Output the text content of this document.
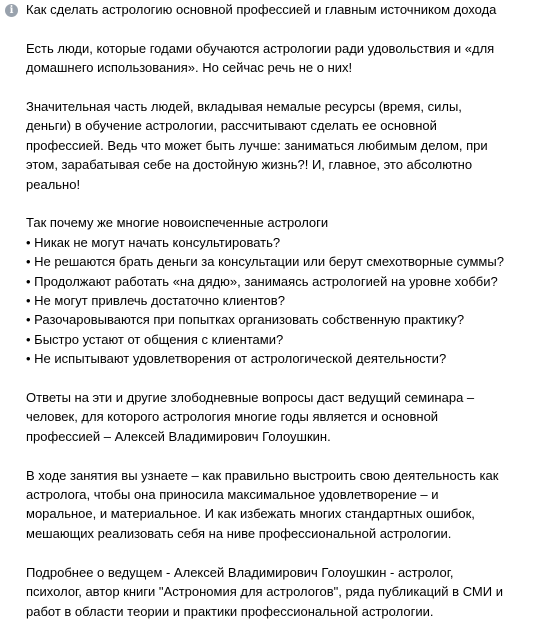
i Как сделать астрологию основной профессией и главным источником дохода

Есть люди, которые годами обучаются астрологии ради удовольствия и «для
домашнего использования». Но сейчас речь не о них!

Значительная часть людей, вкладывая немалые ресурсы (время, силы,
деньги) в обучение астрологии, рассчитывают сделать ее основной
профессией. Ведь что может быть лучше: заниматься любимым делом, при
этом, зарабатывая себе на достойную жизнь?! И, главное, это абсолютно
реально!

Так почему же многие новоиспеченные астрологи

• Никак не могут начать консультировать?

• Не решаются брать деньги за консультации или берут смехотворные суммы?

• Продолжают работать «на дядю», занимаясь астрологией на уровне хобби?

• Не могут привлечь достаточно клиентов?

• Разочаровываются при попытках организовать собственную практику?

• Быстро устают от общения с клиентами?

• Не испытывают удовлетворения от астрологической деятельности?

Ответы на эти и другие злободневные вопросы даст ведущий семинара –
человек, для которого астрология многие годы является и основной
профессией – Алексей Владимирович Голоушкин.

В ходе занятия вы узнаете – как правильно выстроить свою деятельность как
астролога, чтобы она приносила максимальное удовлетворение – и
моральное, и материальное. И как избежать многих стандартных ошибок,
мешающих реализовать себя на ниве профессиональной астрологии.

Подробнее о ведущем - Алексей Владимирович Голоушкин - астролог,
психолог, автор книги "Астрономия для астрологов", ряда публикаций в СМИ и
работ в области теории и практики профессиональной астрологии.
